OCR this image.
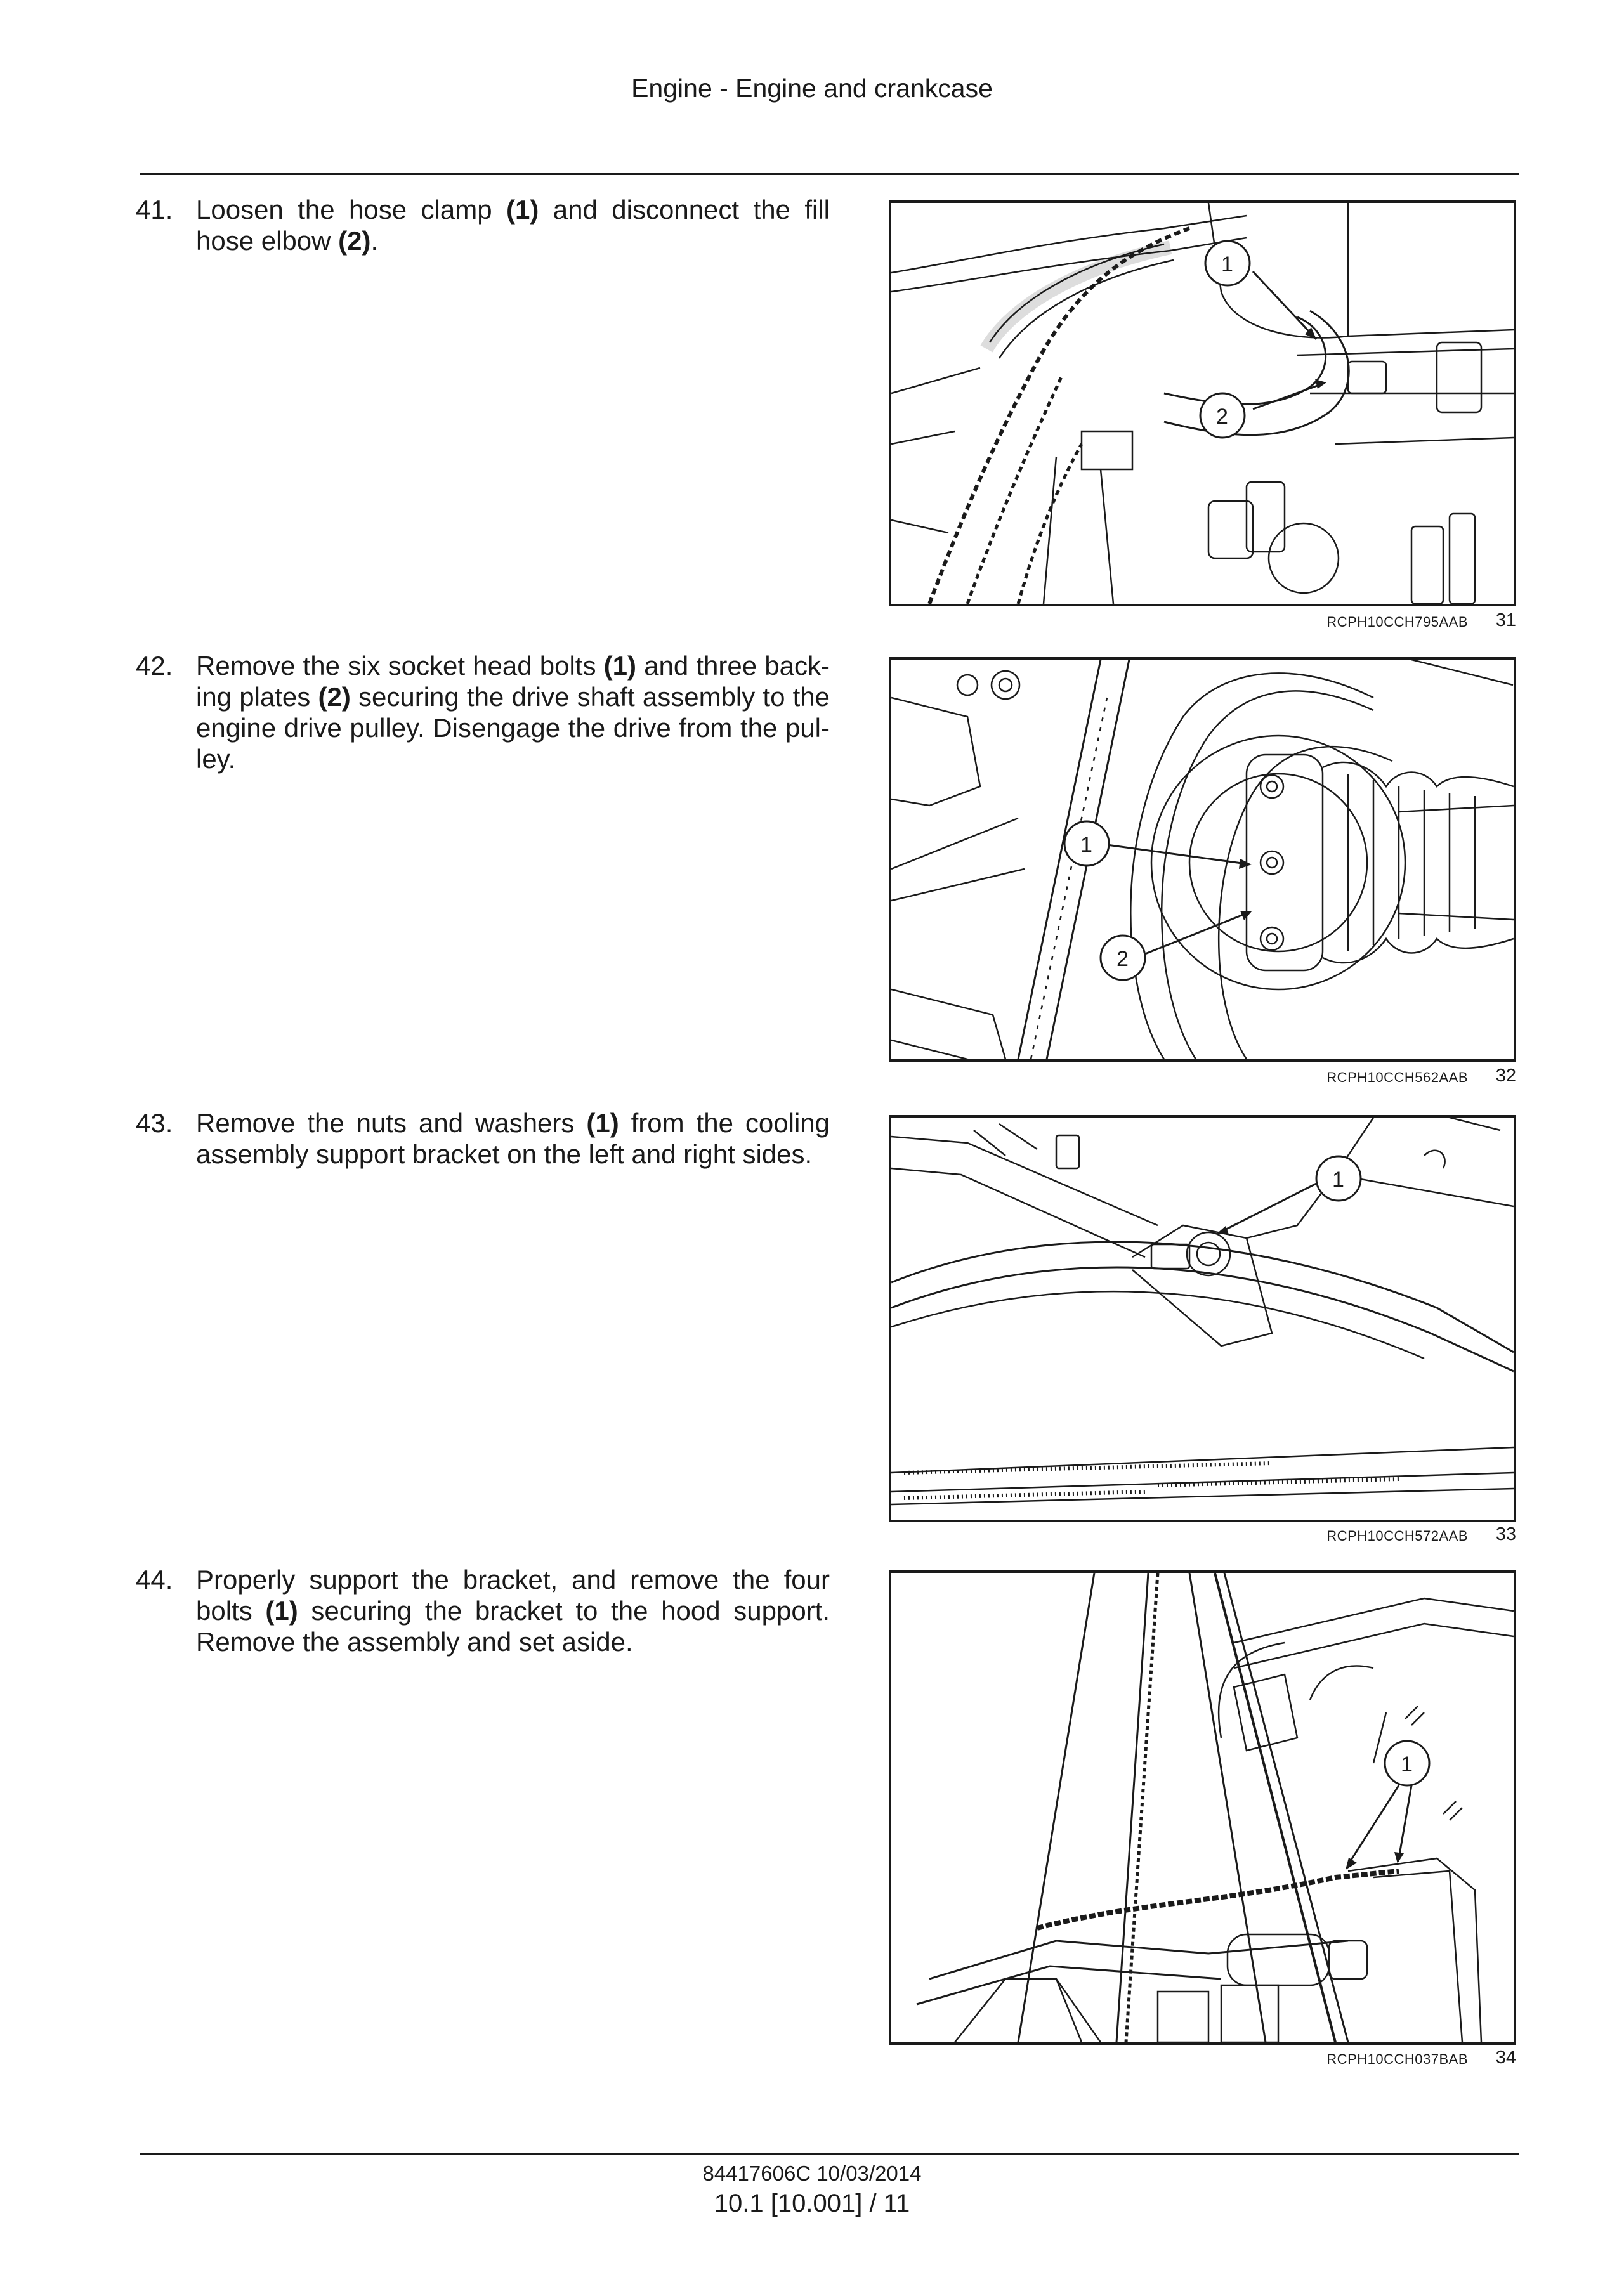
Engine - Engine and crankcase
41. Loosen the hose clamp (1) and disconnect the fill hose elbow (2).
1
2
RCPH10CCH795AAB 31
42. Remove the six socket head bolts (1) and three backing plates (2) securing the drive shaft assembly to the engine drive pulley. Disengage the drive from the pulley.
1
2
RCPH10CCH562AAB 32
43. Remove the nuts and washers (1) from the cooling assembly support bracket on the left and right sides.
1
RCPH10CCH572AAB 33
44. Properly support the bracket, and remove the four bolts (1) securing the bracket to the hood support. Remove the assembly and set aside.
1
RCPH10CCH037BAB 34
84417606C 10/03/2014
10.1 [10.001] / 11
